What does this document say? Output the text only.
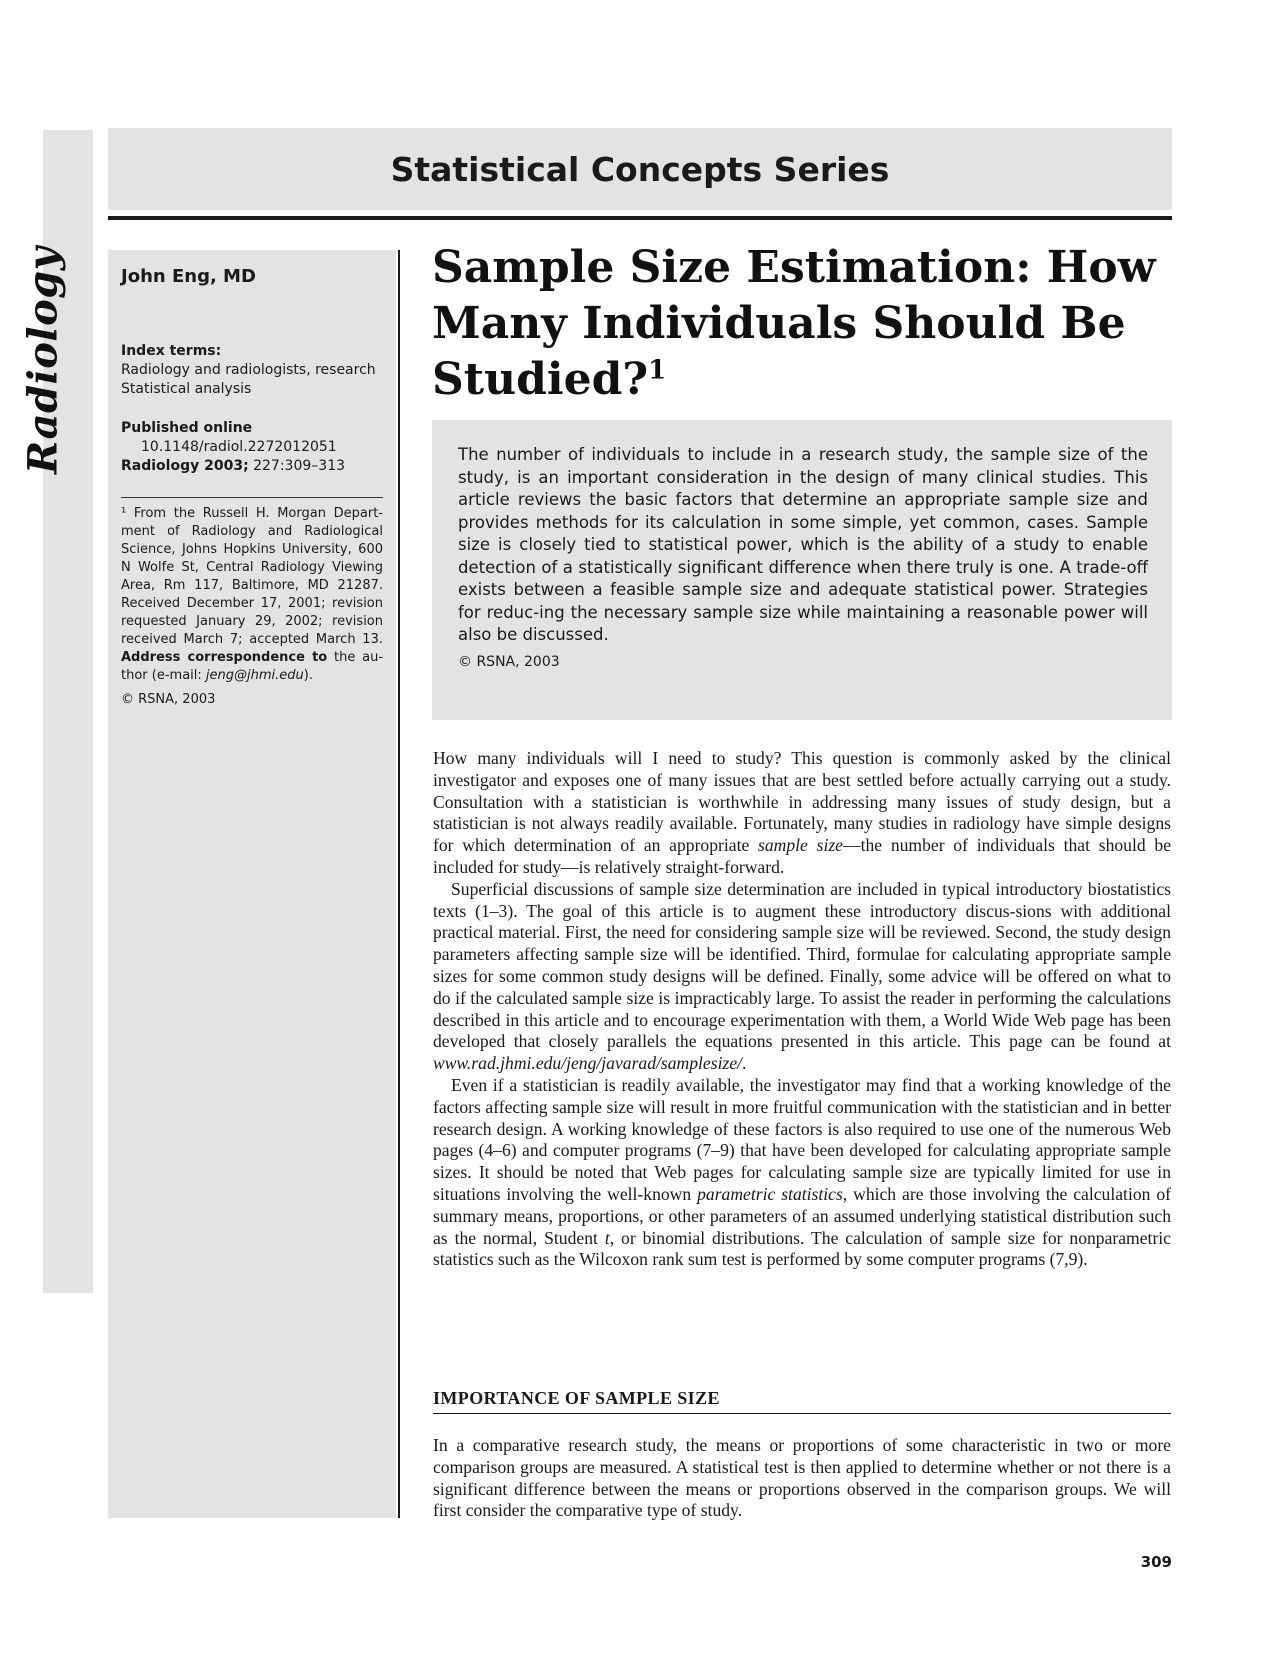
Radiology
Statistical Concepts Series
John Eng, MD
Index terms:
Radiology and radiologists, research
Statistical analysis
Published online
10.1148/radiol.2272012051
Radiology 2003; 227:309–313
¹ From the Russell H. Morgan Depart-ment of Radiology and Radiological Science, Johns Hopkins University, 600 N Wolfe St, Central Radiology Viewing Area, Rm 117, Baltimore, MD 21287. Received December 17, 2001; revision requested January 29, 2002; revision received March 7; accepted March 13. Address correspondence to the au-thor (e-mail: jeng@jhmi.edu).
© RSNA, 2003
Sample Size Estimation: How Many Individuals Should Be Studied?$^1$

The number of individuals to include in a research study, the sample size of the study, is an important consideration in the design of many clinical studies. This article reviews the basic factors that determine an appropriate sample size and provides methods for its calculation in some simple, yet common, cases. Sample size is closely tied to statistical power, which is the ability of a study to enable detection of a statistically significant difference when there truly is one. A trade-off exists between a feasible sample size and adequate statistical power. Strategies for reduc-ing the necessary sample size while maintaining a reasonable power will also be discussed.

© RSNA, 2003

How many individuals will I need to study? This question is commonly asked by the clinical investigator and exposes one of many issues that are best settled before actually carrying out a study. Consultation with a statistician is worthwhile in addressing many issues of study design, but a statistician is not always readily available. Fortunately, many studies in radiology have simple designs for which determination of an appropriate sample size—the number of individuals that should be included for study—is relatively straight-forward.

Superficial discussions of sample size determination are included in typical introductory biostatistics texts (1–3). The goal of this article is to augment these introductory discus-sions with additional practical material. First, the need for considering sample size will be reviewed. Second, the study design parameters affecting sample size will be identified. Third, formulae for calculating appropriate sample sizes for some common study designs will be defined. Finally, some advice will be offered on what to do if the calculated sample size is impracticably large. To assist the reader in performing the calculations described in this article and to encourage experimentation with them, a World Wide Web page has been developed that closely parallels the equations presented in this article. This page can be found at www.rad.jhmi.edu/jeng/javarad/samplesize/.

Even if a statistician is readily available, the investigator may find that a working knowledge of the factors affecting sample size will result in more fruitful communication with the statistician and in better research design. A working knowledge of these factors is also required to use one of the numerous Web pages (4–6) and computer programs (7–9) that have been developed for calculating appropriate sample sizes. It should be noted that Web pages for calculating sample size are typically limited for use in situations involving the well-known parametric statistics, which are those involving the calculation of summary means, proportions, or other parameters of an assumed underlying statistical distribution such as the normal, Student t, or binomial distributions. The calculation of sample size for nonparametric statistics such as the Wilcoxon rank sum test is performed by some computer programs (7,9).

IMPORTANCE OF SAMPLE SIZE

In a comparative research study, the means or proportions of some characteristic in two or more comparison groups are measured. A statistical test is then applied to determine whether or not there is a significant difference between the means or proportions observed in the comparison groups. We will first consider the comparative type of study.

309
